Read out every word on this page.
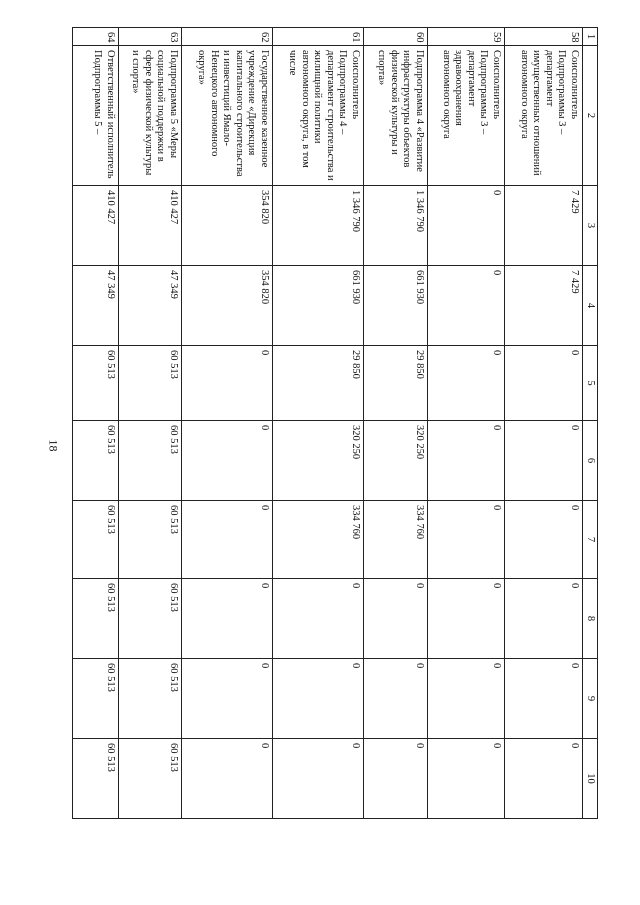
18
1	2	3	4	5	6	7	8	9	10
58	Соисполнитель Подпрограммы 3 – департамент имущественных отношений автономного округа	7 429	7 429	0	0	0	0	0	0
59	Соисполнитель Подпрограммы 3 – департамент здравоохранения автономного округа	0	0	0	0	0	0	0	0
60	Подпрограмма 4 «Развитие инфраструктуры объектов физической культуры и спорта»	1 346 790	661 930	29 850	320 250	334 760	0	0	0
61	Соисполнитель Подпрограммы 4 – департамент строительства и жилищной политики автономного округа, в том числе	1 346 790	661 930	29 850	320 250	334 760	0	0	0
62	Государственное казенное учреждение «Дирекция капитального строительства и инвестиций Ямало-Ненецкого автономного округа»	354 820	354 820	0	0	0	0	0	0
63	Подпрограмма 5 «Меры социальной поддержки в сфере физической культуры и спорта»	410 427	47 349	60 513	60 513	60 513	60 513	60 513	60 513
64	Ответственный исполнитель Подпрограммы 5 –	410 427	47 349	60 513	60 513	60 513	60 513	60 513	60 513
